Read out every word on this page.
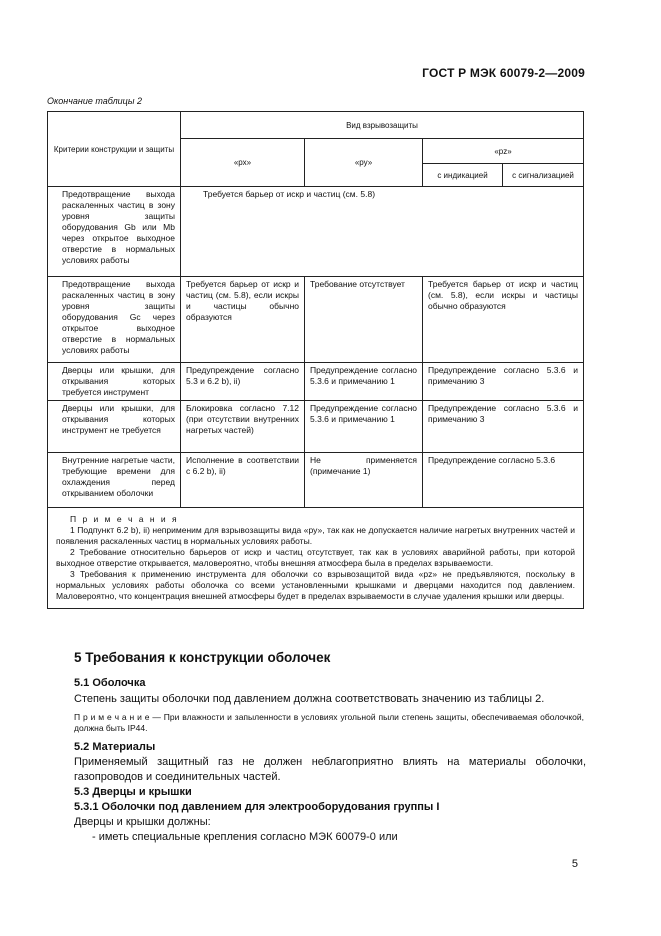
ГОСТ Р МЭК 60079-2—2009
Окончание таблицы 2
Критерии конструкции и защиты	Вид взрывозащиты			
	«рх»	«ру»	«pz»	
			с индикацией	с сигнализацией
Предотвращение выхода раскаленных частиц в зону уровня защиты оборудования Gb или Mb через открытое выходное отверстие в нормальных условиях работы	Требуется барьер от искр и частиц (см. 5.8)			
Предотвращение выхода раскаленных частиц в зону уровня защиты оборудования Gc через открытое выходное отверстие в нормальных условиях работы	Требуется барьер от искр и частиц (см. 5.8), если искры и частицы обычно образуются	Требование отсутствует	Требуется барьер от искр и частиц (см. 5.8), если искры и частицы обычно образуются	
Дверцы или крышки, для открывания которых требуется инструмент	Предупреждение согласно 5.3 и 6.2 b), ii)	Предупреждение согласно 5.3.6 и примечанию 1	Предупреждение согласно 5.3.6 и примечанию 3	
Дверцы или крышки, для открывания которых инструмент не требуется	Блокировка согласно 7.12 (при отсутствии внутренних нагретых частей)	Предупреждение согласно 5.3.6 и примечанию 1	Предупреждение согласно 5.3.6 и примечанию 3	
Внутренние нагретые части, требующие времени для охлаждения перед открыванием оболочки	Исполнение в соответствии с 6.2 b), ii)	Не применяется (примечание 1)	Предупреждение согласно 5.3.6	

П р и м е ч а н и я

1 Подпункт 6.2 b), ii) неприменим для взрывозащиты вида «ру», так как не допускается наличие нагретых внутренних частей и появления раскаленных частиц в нормальных условиях работы.

2 Требование относительно барьеров от искр и частиц отсутствует, так как в условиях аварийной работы, при которой выходное отверстие открывается, маловероятно, чтобы внешняя атмосфера была в пределах взрываемости.

3 Требования к применению инструмента для оболочки со взрывозащитой вида «рz» не предъявляются, поскольку в нормальных условиях работы оболочка со всеми установленными крышками и дверцами находится под давлением. Маловероятно, что концентрация внешней атмосферы будет в пределах взрываемости в случае удаления крышки или дверцы.				

5 Требования к конструкции оболочек
5.1 Оболочка
Степень защиты оболочки под давлением должна соответствовать значению из таблицы 2.
П р и м е ч а н и е — При влажности и запыленности в условиях угольной пыли степень защиты, обеспечиваемая оболочкой, должна быть IP44.
5.2 Материалы
Применяемый защитный газ не должен неблагоприятно влиять на материалы оболочки, газопроводов и соединительных частей.
5.3 Дверцы и крышки
5.3.1 Оболочки под давлением для электрооборудования группы I
Дверцы и крышки должны:
- иметь специальные крепления согласно МЭК 60079-0 или
5
